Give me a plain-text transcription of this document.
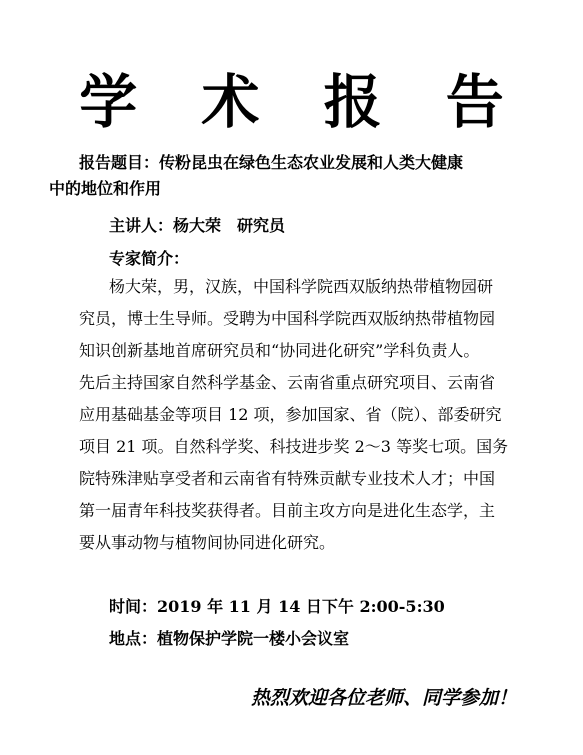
学 术 报 告
报告题目：传粉昆虫在绿色生态农业发展和人类大健康
中的地位和作用
主讲人：杨大荣　研究员
专家简介：
杨大荣，男，汉族，中国科学院西双版纳热带植物园研
究员，博士生导师。受聘为中国科学院西双版纳热带植物园
知识创新基地首席研究员和“协同进化研究”学科负责人。
先后主持国家自然科学基金、云南省重点研究项目、云南省
应用基础基金等项目 12 项，参加国家、省（院）、部委研究
项目 21 项。自然科学奖、科技进步奖 2～3 等奖七项。国务
院特殊津贴享受者和云南省有特殊贡献专业技术人才；中国
第一届青年科技奖获得者。目前主攻方向是进化生态学，主
要从事动物与植物间协同进化研究。
时间：2019 年 11 月 14 日下午 2:00-5:30
地点：植物保护学院一楼小会议室
热烈欢迎各位老师、同学参加！
